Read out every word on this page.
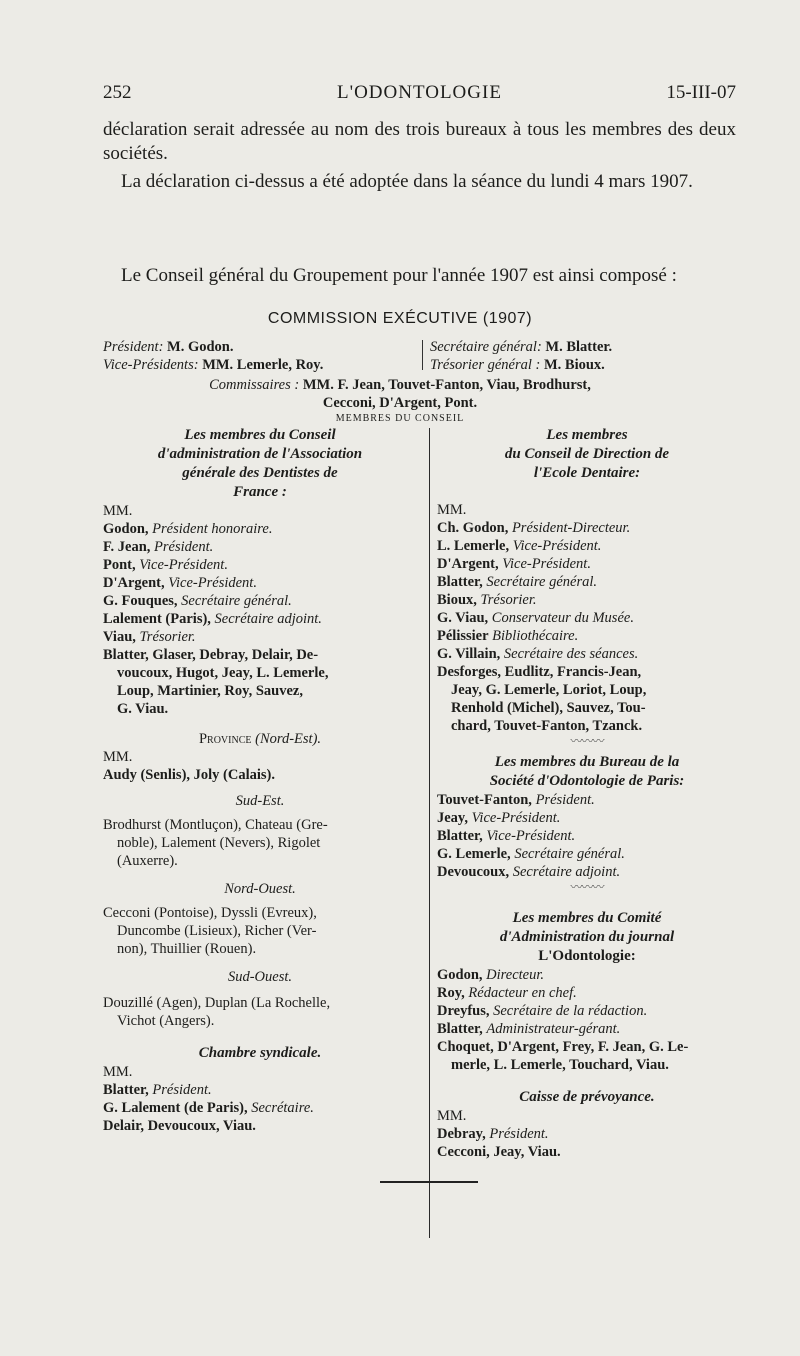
252	L'ODONTOLOGIE	15-III-07
déclaration serait adressée au nom des trois bureaux à tous les membres des deux sociétés.
La déclaration ci-dessus a été adoptée dans la séance du lundi 4 mars 1907.
Le Conseil général du Groupement pour l'année 1907 est ainsi composé :
COMMISSION EXÉCUTIVE (1907)
Président: M. Godon.	Secrétaire général: M. Blatter.
Vice-Présidents: MM. Lemerle, Roy.	Trésorier général : M. Bioux.
Commissaires : MM. F. Jean, Touvet-Fanton, Viau, Brodhurst,
Cecconi, D'Argent, Pont.
MEMBRES DU CONSEIL
Les membres du Conseil
d'administration de l'Association
générale des Dentistes de
France :
MM.
Godon, Président honoraire.
F. Jean, Président.
Pont, Vice-Président.
D'Argent, Vice-Président.
G. Fouques, Secrétaire général.
Lalement (Paris), Secrétaire adjoint.
Viau, Trésorier.
Blatter, Glaser, Debray, Delair, De-
voucoux, Hugot, Jeay, L. Lemerle,
Loup, Martinier, Roy, Sauvez,
G. Viau.
Province (Nord-Est).
MM.
Audy (Senlis), Joly (Calais).
Sud-Est.
Brodhurst (Montluçon), Chateau (Gre-
noble), Lalement (Nevers), Rigolet
(Auxerre).
Nord-Ouest.
Cecconi (Pontoise), Dyssli (Evreux),
Duncombe (Lisieux), Richer (Ver-
non), Thuillier (Rouen).
Sud-Ouest.
Douzillé (Agen), Duplan (La Rochelle,
Vichot (Angers).
Chambre syndicale.
MM.
Blatter, Président.
G. Lalement (de Paris), Secrétaire.
Delair, Devoucoux, Viau.
Les membres
du Conseil de Direction de
l'Ecole Dentaire:
MM.
Ch. Godon, Président-Directeur.
L. Lemerle, Vice-Président.
D'Argent, Vice-Président.
Blatter, Secrétaire général.
Bioux, Trésorier.
G. Viau, Conservateur du Musée.
Pélissier Bibliothécaire.
G. Villain, Secrétaire des séances.
Desforges, Eudlitz, Francis-Jean,
Jeay, G. Lemerle, Loriot, Loup,
Renhold (Michel), Sauvez, Tou-
chard, Touvet-Fanton, Tzanck.
〰〰〰
Les membres du Bureau de la
Société d'Odontologie de Paris:
Touvet-Fanton, Président.
Jeay, Vice-Président.
Blatter, Vice-Président.
G. Lemerle, Secrétaire général.
Devoucoux, Secrétaire adjoint.
〰〰〰
Les membres du Comité
d'Administration du journal
L'Odontologie:
Godon, Directeur.
Roy, Rédacteur en chef.
Dreyfus, Secrétaire de la rédaction.
Blatter, Administrateur-gérant.
Choquet, D'Argent, Frey, F. Jean, G. Le-
merle, L. Lemerle, Touchard, Viau.
Caisse de prévoyance.
MM.
Debray, Président.
Cecconi, Jeay, Viau.
